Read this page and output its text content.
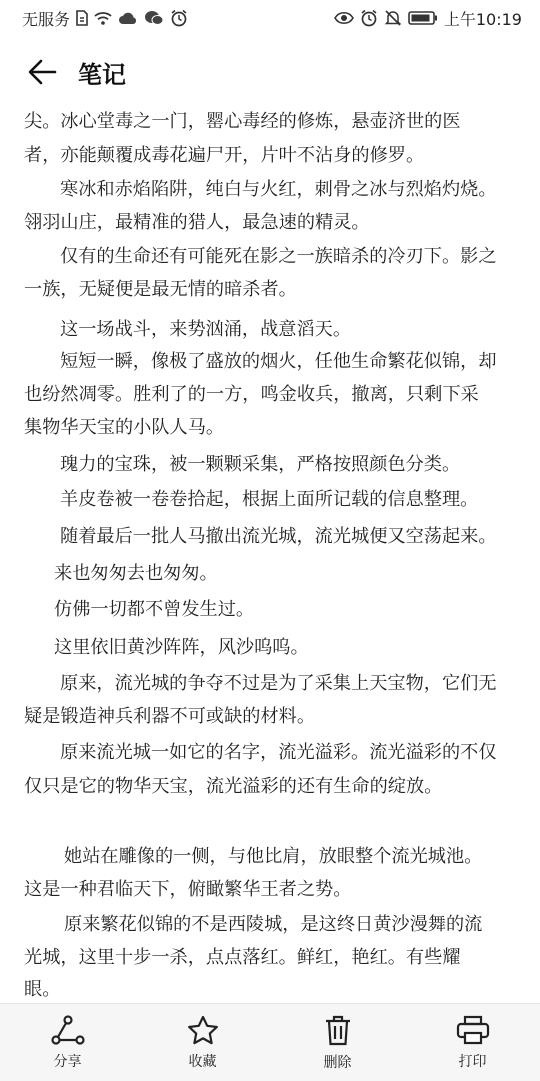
无服务	上午10:19
笔记
尖。冰心堂毒之一门，罂心毒经的修炼，悬壶济世的医
者，亦能颠覆成毒花遍尸开，片叶不沾身的修罗。
寒冰和赤焰陷阱，纯白与火红，刺骨之冰与烈焰灼烧。
翎羽山庄，最精准的猎人，最急速的精灵。
仅有的生命还有可能死在影之一族暗杀的冷刃下。影之
一族，无疑便是最无情的暗杀者。
这一场战斗，来势汹涌，战意滔天。
短短一瞬，像极了盛放的烟火，任他生命繁花似锦，却
也纷然凋零。胜利了的一方，鸣金收兵，撤离，只剩下采
集物华天宝的小队人马。
瑰力的宝珠，被一颗颗采集，严格按照颜色分类。
羊皮卷被一卷卷拾起，根据上面所记载的信息整理。
随着最后一批人马撤出流光城，流光城便又空荡起来。
来也匆匆去也匆匆。
仿佛一切都不曾发生过。
这里依旧黄沙阵阵，风沙呜呜。
原来，流光城的争夺不过是为了采集上天宝物，它们无
疑是锻造神兵利器不可或缺的材料。
原来流光城一如它的名字，流光溢彩。流光溢彩的不仅
仅只是它的物华天宝，流光溢彩的还有生命的绽放。
她站在雕像的一侧，与他比肩，放眼整个流光城池。
这是一种君临天下，俯瞰繁华王者之势。
原来繁花似锦的不是西陵城，是这终日黄沙漫舞的流
光城，这里十步一杀，点点落红。鲜红，艳红。有些耀
眼。
分享	收藏	删除	打印
